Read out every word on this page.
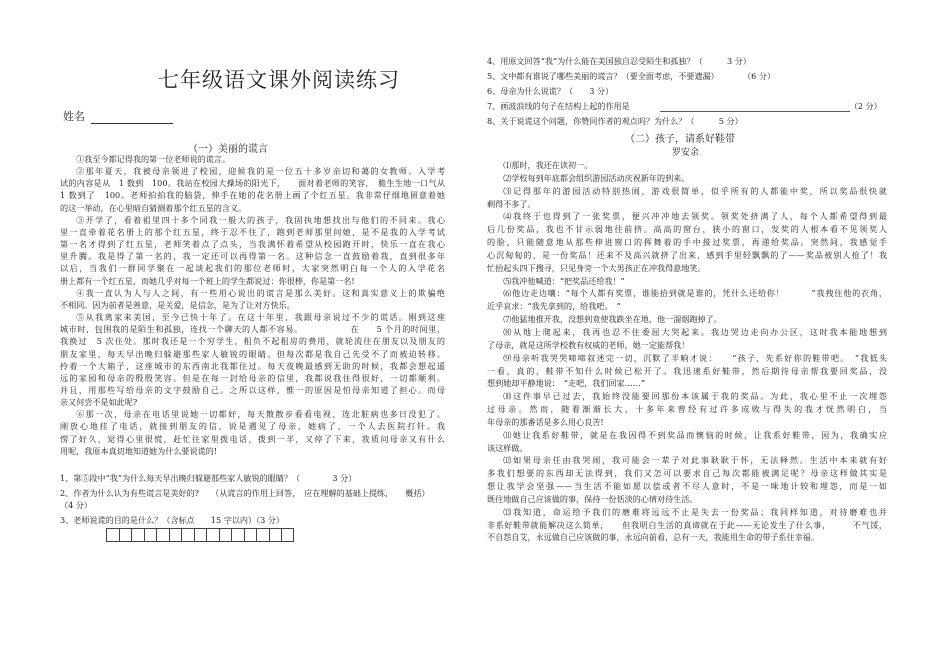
七年级语文课外阅读练习
姓名
（一）美丽的谎言

①我至今都记得我的第一位老师说的谎言。

②那年夏天，我被母亲领进了校园，迎候我的是一位五十多岁亲切和蔼的女教师。入学考

试的内容是从　1 数到　100。我站在校园大操场的阳光下，　　面对着老师的笑容，　脆生生地一口气从

1 数到了　100。老师拍拍我的脑袋，伸手在她的花名册上画了个红五星。我非常仔细地留意着她

的这一举动，在心里暗自猜测着那个红五星的含义。

③开学了，看着祖里四十多个同我一般大的孩子，我固执地想找出与他们的不同来。我心

里一直牵着花名册上的那个红五星，终于忍不住了，跑到老师那里问她，是不是我的入学考试

第一名才得到了红五星，老师笑着点了点头，当我满怀着希望从校园跑开时，快乐一直在我心

里升腾。我是得了第一名的，我一定还可以再得第一名。这种信念一直鼓励着我，直到很多年

以后，当我们一群同学聚在一起谈起我们的那位老师时，大家突然明白每一个人的入学花名

册上都有一个红五星，而她几乎对每一个班上的学生都说过：你很棒，你是第一名!

④我一直认为人与人之间，有一些用心说出的谎言是那么美好。这和真实意义上的欺骗绝

不相同。因为前者是善意，是关爱，是信念，是为了让对方快乐。

⑤从我离家来美国，至今已快十年了。在这十年里，我跟母亲说过不少的谎话。刚到这座

城市时，包围我的是陌生和孤独，连找一个聊天的人都不容易。　　　　　　在　　5 个月的时间里，

我换过　5 次住处。那时我还是一个穷学生，租负不起租房的费用，就轮流住在朋友以及朋友的

朋友家里，每天早出晚归躲避那些家人敏锐的眼睛。但每次都是我自己先受不了而被迫转移。

拎着一个大箱子，这座城市的东西南北我都住过。每天夜晚最感到无助的时候，我都会想起遥

远的家园和母亲的殷殷笑容。但是在每一封给母亲的信里，我都说我住得很好，一切都顺利。

并且，用那些写给母亲的文字鼓励自己。之所以这样，惟一的原因是怕母亲知道了担心。而母

亲又何尝不是如此呢?

⑥那一次，母亲在电话里说她一切都好，每天散散步看看电视，连北脏病也多日没犯了。

刚放心地挂了电话，就接到朋友的信，说是遇见了母亲，她病了，一个人去医院打针。我

愣了好久，觉得心里很慌，赶忙往家里拨电话，拨到一半，又停了下来，我质问母亲又有什么

用呢，我原本真切地知道她为什么要说谎的!

1、第⑤段中“我”为什么每天早出晚归躲避那些家人敏锐的眼睛？（　　　　3 分）
2、作者为什么认为有些谎言是美好的?　　（从谎言的作用上回答，　应在理解的基础上提练，　　概括）
（4 分）
3、老师说谎的目的是什么？（含标点　　15 字以内）（3 分）
4、用原文回答“我”为什么能在美国独自忍受陌生和孤独？（　　　3 分）
5、文中都有谁说了哪些美丽的谎言？（要全面考虑，不要遗漏）　　　　（6 分）
6、母亲为什么说谎？（　　3 分）
7、画波浪线的句子在结构上起的作用是	（2 分）
8、关于说谎这个问题，你赞同作者的观点吗？为什么？（　　　5 分）
（二）孩子，请系好鞋带
罗安余

⑴那时，我还在读初一。

⑵学校每到年底都会组织游园活动庆祝新年的到来。

⑶记得那年的游园活动特别热闹，游戏很简单，似乎所有的人都能中奖，所以奖品很快就

剩得不多了。

⑷我终于也得到了一张奖票，便兴冲冲地去领奖。领奖处挤满了人，每个人都希望得到最

后几份奖品，我也不甘示弱地往前挤。高高的窗台，狭小的窗口，发奖的人根本看不见领奖人

的脸，只能随意地从那些伸进窗口的挥舞着的手中接过奖票，再递给奖品。突然间，我感觉手

心沉甸甸的，是一份奖品！还来不及高兴就挤了出来，感到手里轻飘飘的了——奖品被别人抢了！我

忙抬起头四下搜寻，只见身旁一个大男孩正在冲我得意地笑。

⑸我冲他喊道：“把奖品还给我！”

⑹他边走边嚷：“每个人都有奖票，谁能拾到就是谁的，凭什么还给你！　　　”我拽住他的衣角，

近乎哀求：“我先拿到的，给我吧。　”

⑺他猛地推开我，没想到竟使我跌坐在地，他一溜烟跑掉了。

⑻从地上爬起来，我再也忍不住委屈大哭起来。我边哭边走向办公区，这时我本能地想到

了母亲，就是这所学校教有权威的老师，她一定能帮我！

⑼母亲听我哭哭啼啼叙述完一切，沉默了半晌才说：　　“孩子，先系好你的鞋带吧。　”我低头

一看，真的，鞋带不知什么时候已松开了。我迅速系好鞋带，然后期待母亲帮我要回奖品，没

想到她却平静地说：　“走吧，我们回家……”

⑽这件事早已过去，我始终没能要回那份本该属于我的奖品。为此，我心里不止一次埋怨

过母亲。然而，随着渐渐长大，十多年来曾经有过许多成败与得失的我才恍然明白，当

年母亲的那番话是多么用心良苦!

⑾她让我系好鞋带，就是在我因得不到奖品而懊恼的时候，让我系好鞋带，因为，我确实应

该这样做。

⑿如果母亲任由我哭闹，我可能会一辈子对此事耿耿于怀，无法释然。生活中本来就有好

多我们想要的东西却无法得到，我们又怎可以要求自己每次都能被满足呢？母亲这样做其实是

想让我学会坚强——当生活不能如愿以偿或者不尽人意时，不是一味地计较和埋怨，而是一如

既往地做自己应该做的事，保持一份恬淡的心情对待生活。

⒀我知道，命运给予我们的磨难将远远不止是失去一份奖品；我同样知道，对待磨难也并

非系好鞋带就能解决这么简单，　　但我明白生活的真谛就在于此——无论发生了什么事，　　　不气馁，

不自怨自艾，永远做自己应该做的事，永远向前看，总有一天，我能用生命的带子系住幸福。
